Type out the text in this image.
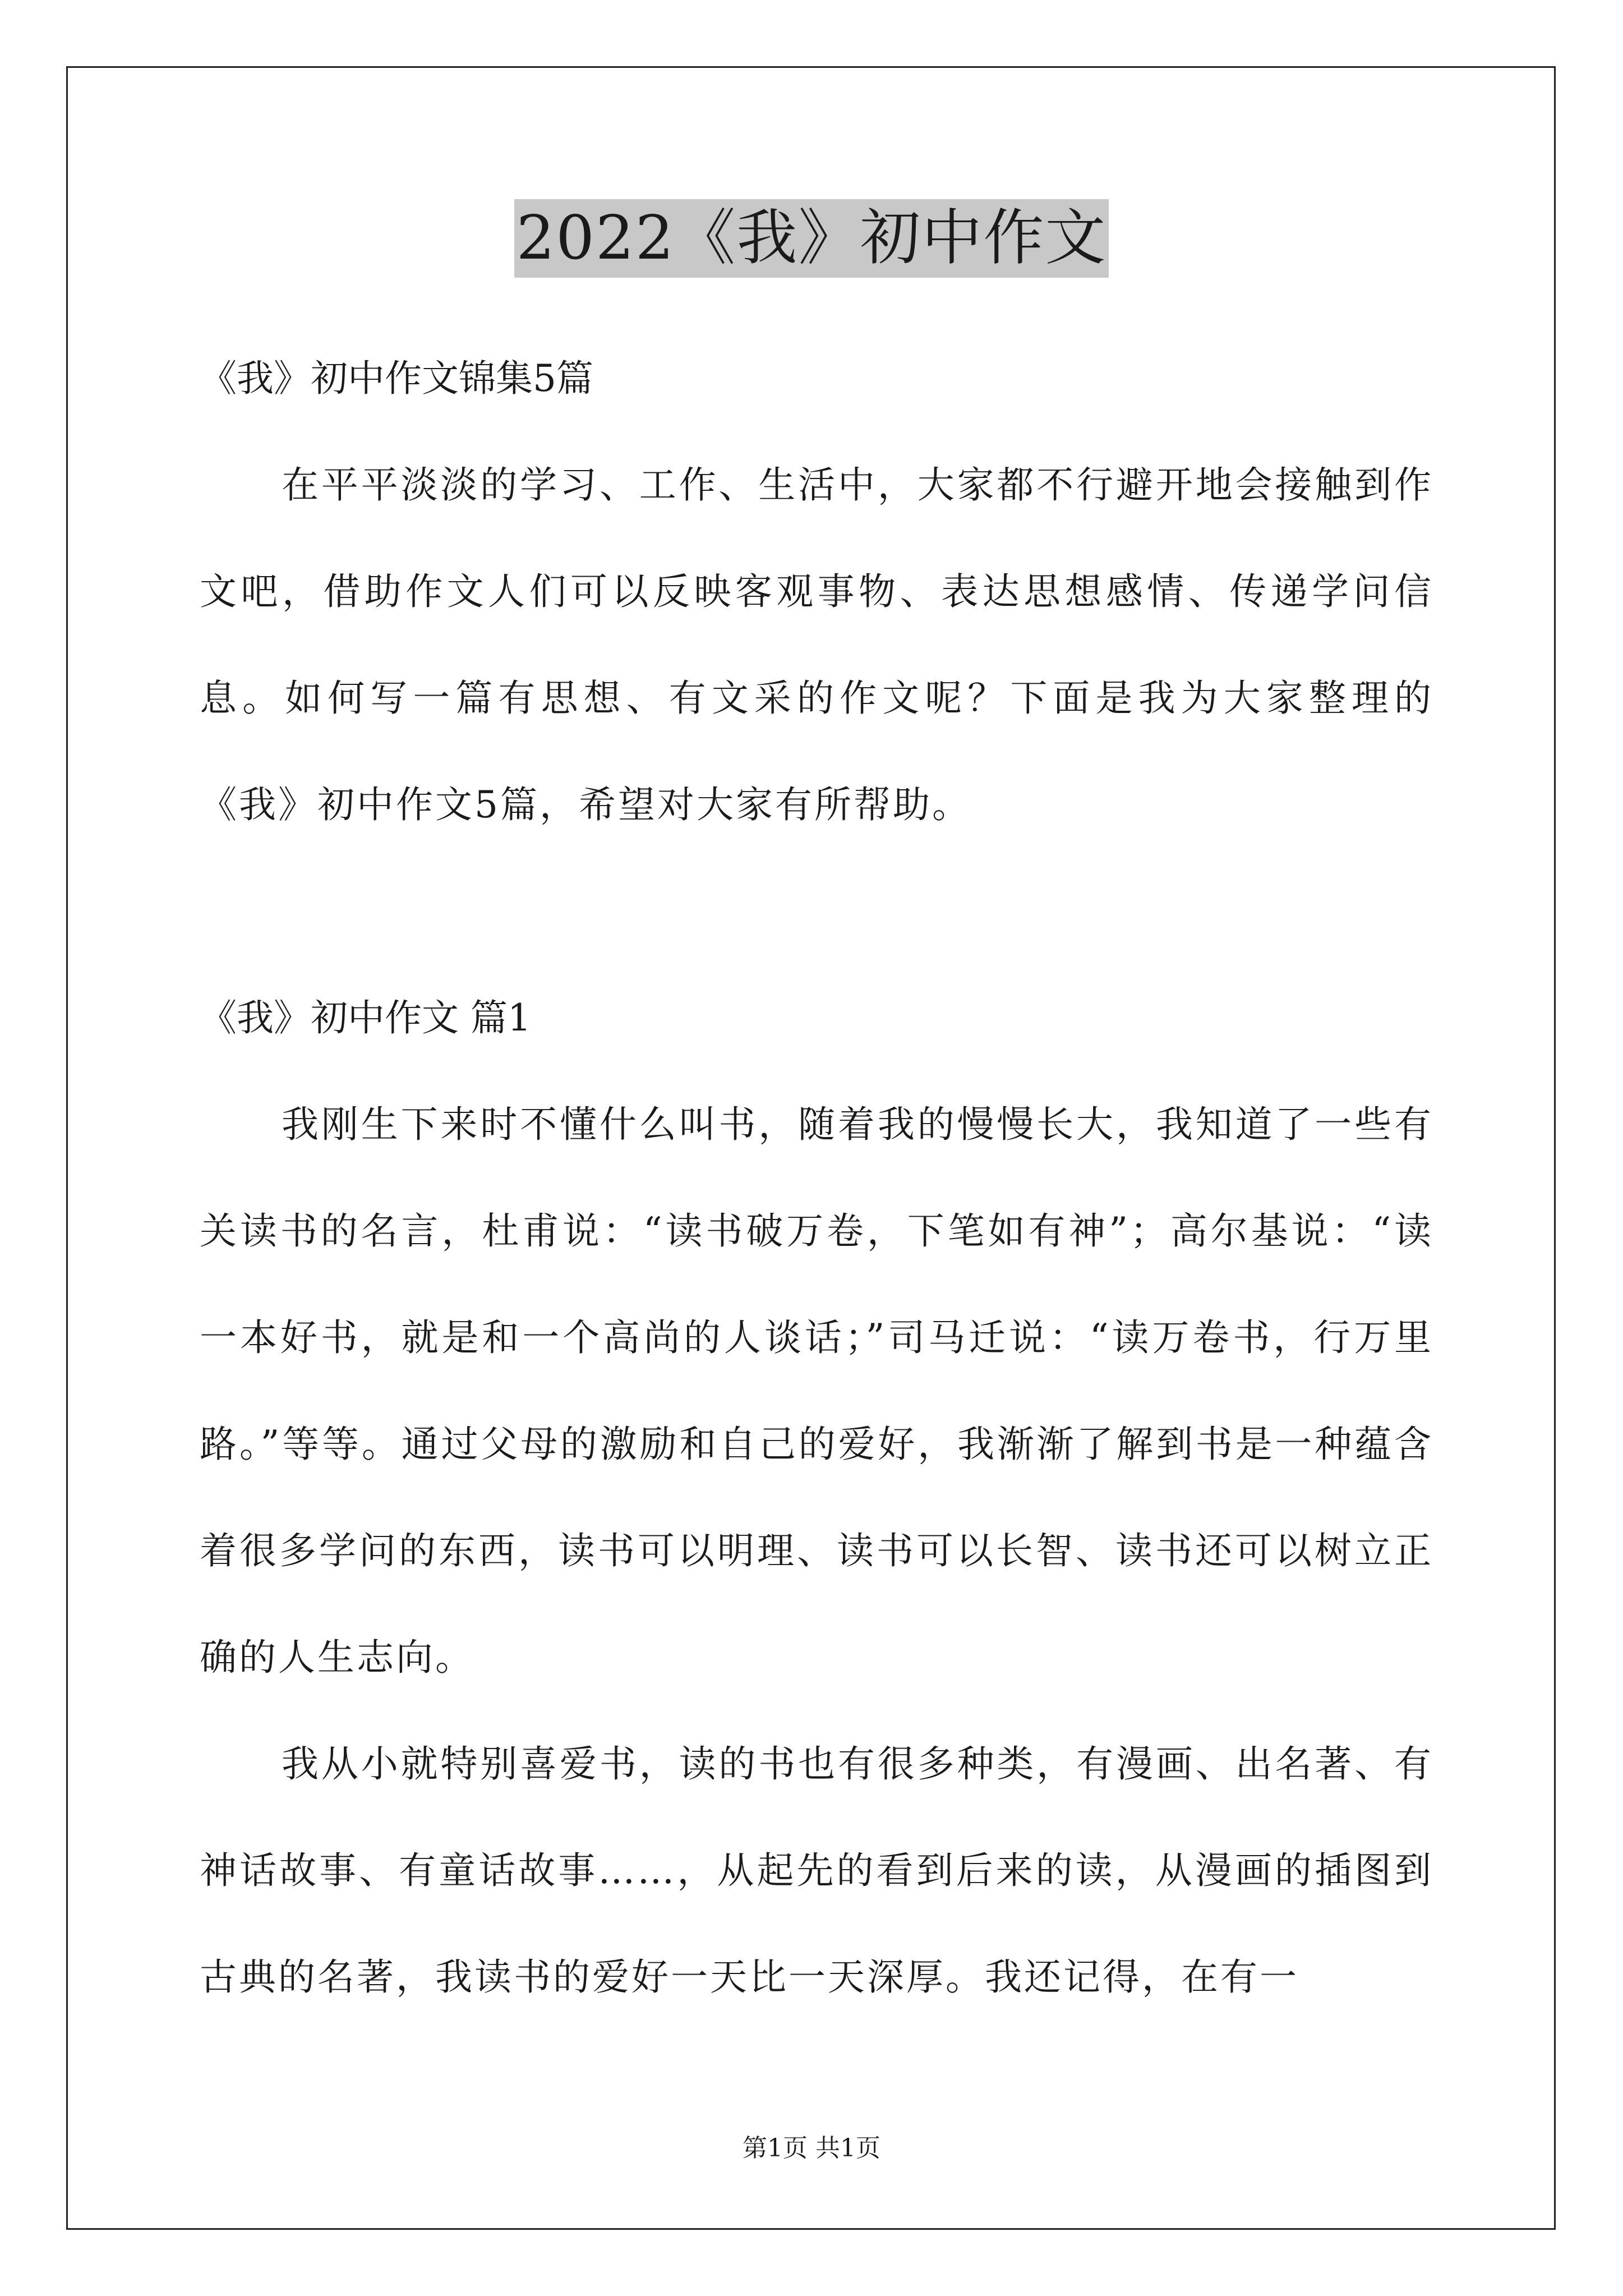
2022《我》初中作文

《我》初中作文锦集5篇

在平平淡淡的学习、工作、生活中，大家都不行避开地会接触到作文吧，借助作文人们可以反映客观事物、表达思想感情、传递学问信息。如何写一篇有思想、有文采的作文呢？下面是我为大家整理的《我》初中作文5篇，希望对大家有所帮助。

《我》初中作文 篇1

我刚生下来时不懂什么叫书，随着我的慢慢长大，我知道了一些有关读书的名言，杜甫说：“读书破万卷，下笔如有神”；高尔基说：“读一本好书，就是和一个高尚的人谈话；”司马迁说：“读万卷书，行万里路。”等等。通过父母的激励和自己的爱好，我渐渐了解到书是一种蕴含着很多学问的东西，读书可以明理、读书可以长智、读书还可以树立正确的人生志向。

我从小就特别喜爱书，读的书也有很多种类，有漫画、出名著、有神话故事、有童话故事……，从起先的看到后来的读，从漫画的插图到古典的名著，我读书的爱好一天比一天深厚。我还记得，在有一

第1页 共1页
